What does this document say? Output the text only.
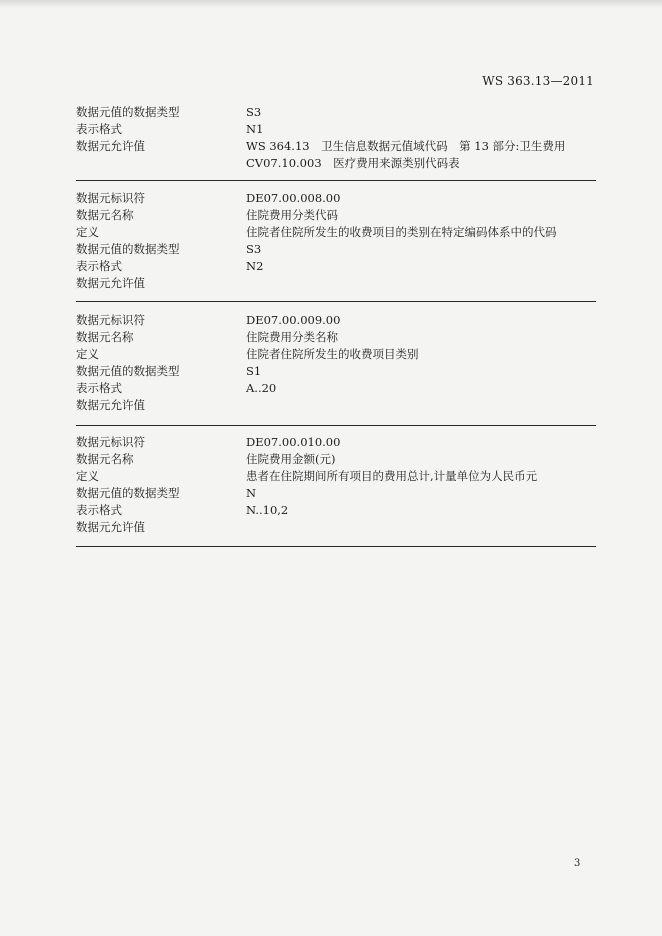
WS 363.13—2011
数据元值的数据类型	S3
表示格式	N1
数据元允许值	WS 364.13　卫生信息数据元值域代码　第 13 部分:卫生费用
CV07.10.003　医疗费用来源类别代码表
数据元标识符	DE07.00.008.00
数据元名称	住院费用分类代码
定义	住院者住院所发生的收费项目的类别在特定编码体系中的代码
数据元值的数据类型	S3
表示格式	N2
数据元允许值
数据元标识符	DE07.00.009.00
数据元名称	住院费用分类名称
定义	住院者住院所发生的收费项目类别
数据元值的数据类型	S1
表示格式	A..20
数据元允许值
数据元标识符	DE07.00.010.00
数据元名称	住院费用金额(元)
定义	患者在住院期间所有项目的费用总计,计量单位为人民币元
数据元值的数据类型	N
表示格式	N..10,2
数据元允许值
3
